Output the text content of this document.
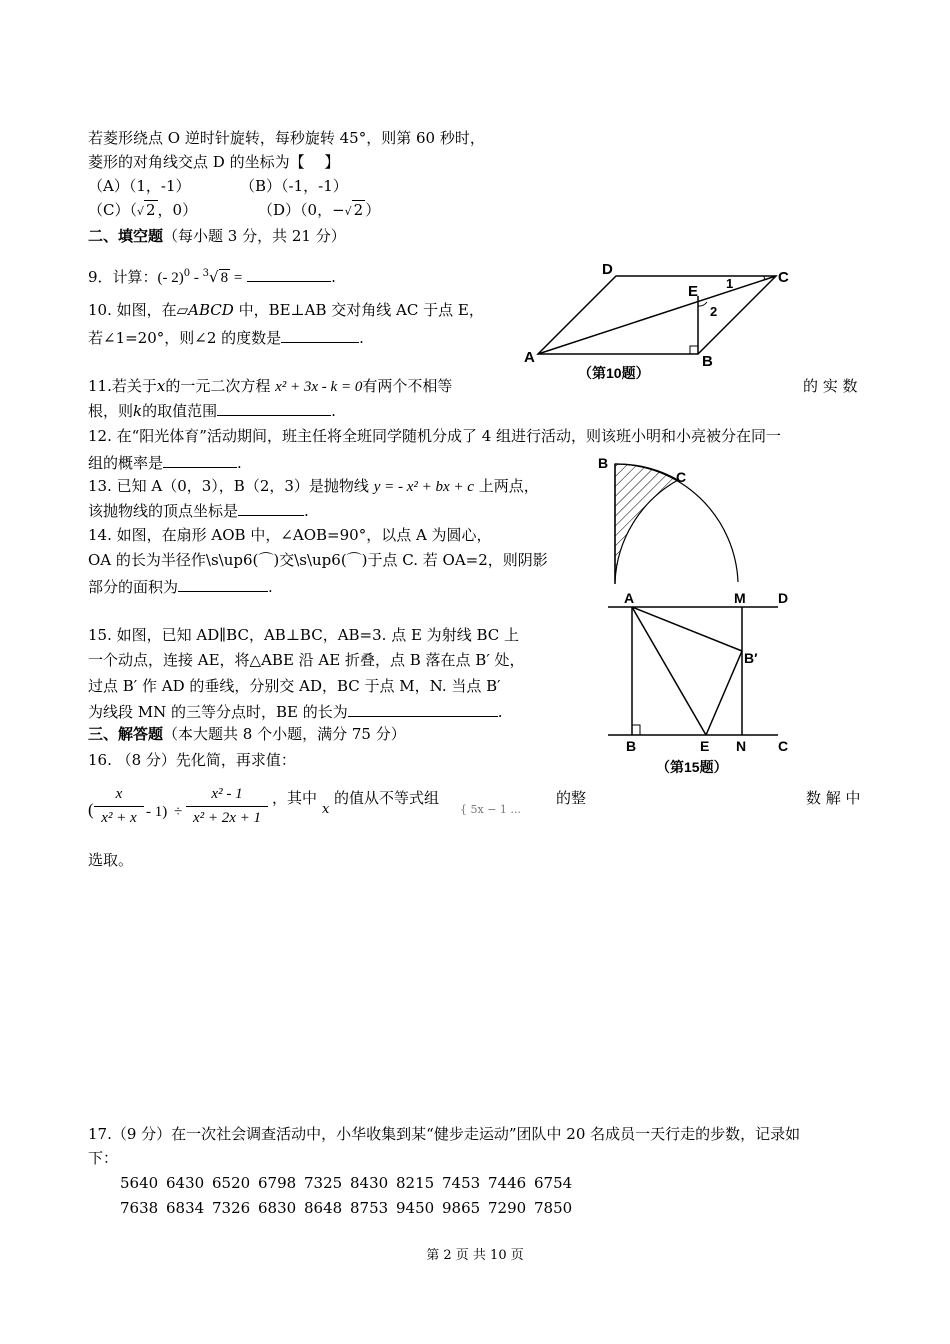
若菱形绕点 O 逆时针旋转，每秒旋转 45°，则第 60 秒时，
菱形的对角线交点 D 的坐标为【　 】
（A）（1，-1）	（B）（-1，-1）
（C）（√ 2 ，0）	（D）（0，−√ 2 ）
二、填空题（每小题 3 分，共 21 分）
9．计算：(- 2)$^0$ - $^3$√ 8 =	.
10. 如图，在▱ABCD 中，BE⊥AB 交对角线 AC 于点 E，
若∠1=20°，则∠2 的度数是	.
D	C
E 1
2
A	B
（第10题）
11.若关于x的一元二次方程 x² + 3x - k = 0有两个不相等	的 实 数
根，则k的取值范围	.
12. 在“阳光体育”活动期间，班主任将全班同学随机分成了 4 组进行活动，则该班小明和小亮被分在同一
组的概率是	.
13. 已知 A（0，3），B（2，3）是抛物线 y = - x² + bx + c 上两点，
该抛物线的顶点坐标是	.
14. 如图，在扇形 AOB 中，∠AOB=90°，以点 A 为圆心，
OA 的长为半径作\s\up6(⌒)交\s\up6(⌒)于点 C. 若 OA=2，则阴影
部分的面积为	.
B
C
15. 如图，已知 AD∥BC，AB⊥BC，AB=3. 点 E 为射线 BC 上
一个动点，连接 AE，将△ABE 沿 AE 折叠，点 B 落在点 B′ 处，
过点 B′ 作 AD 的垂线，分别交 AD，BC 于点 M，N. 当点 B′
为线段 MN 的三等分点时，BE 的长为	.
A	M D
B′
B	E N C
（第15题）
三、解答题（本大题共 8 个小题，满分 75 分）
16. （8 分）先化简，再求值：
(
x
x² + x - 1) ÷
x² - 1
x² + 2x + 1
，其中
x
的值从不等式组
{ 5x − 1 ...
的整	数 解 中
选取。
17.（9 分）在一次社会调查活动中，小华收集到某“健步走运动”团队中 20 名成员一天行走的步数，记录如
下：
5640 6430 6520 6798 7325 8430 8215 7453 7446 6754
7638 6834 7326 6830 8648 8753 9450 9865 7290 7850
第 2 页 共 10 页
